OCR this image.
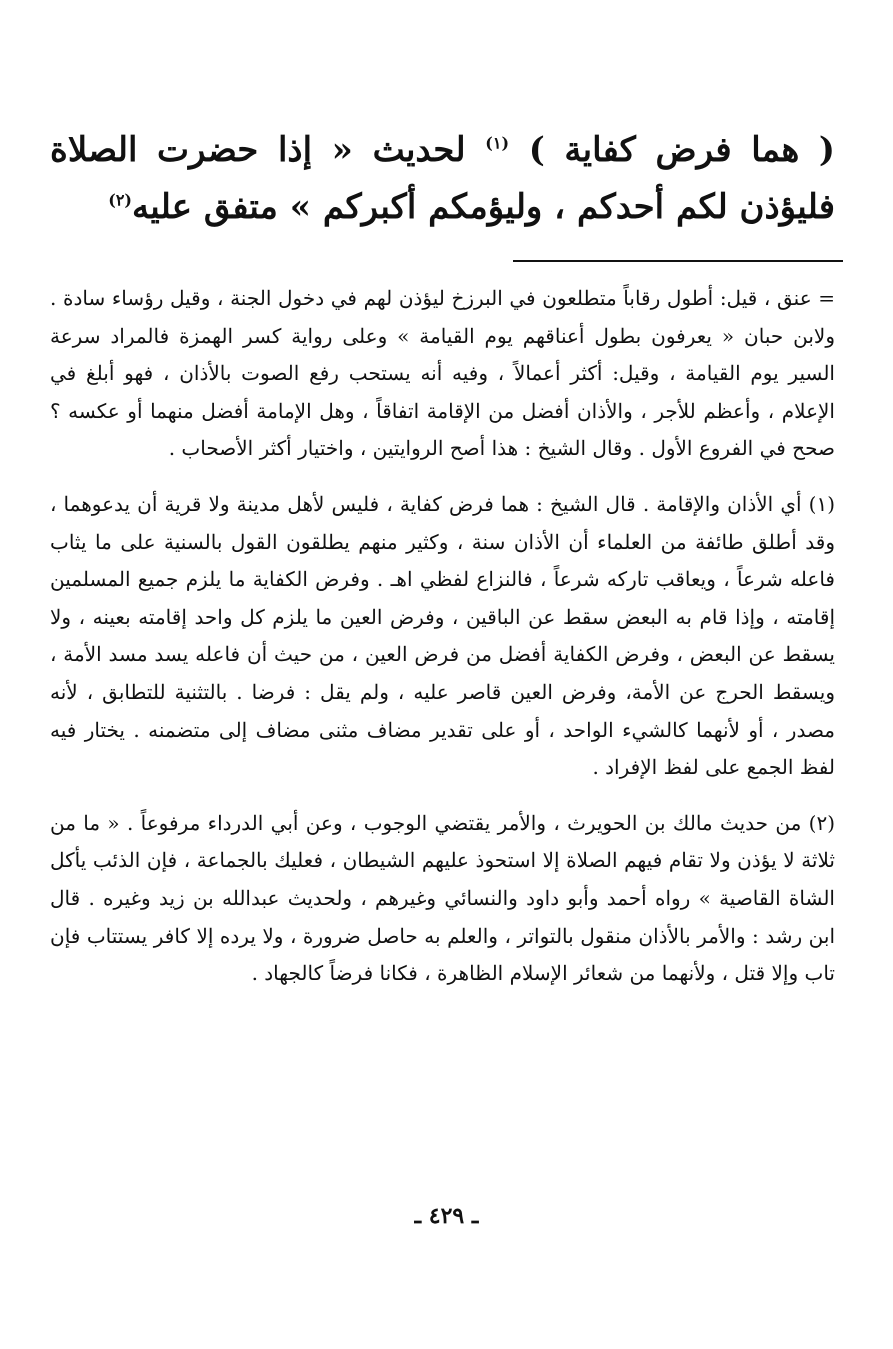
( هما فرض كفاية ) $^{(١)}$ لحديث « إذا حضرت الصلاة فليؤذن لكم أحدكم ، وليؤمكم أكبركم » متفق عليه$^{(٢)}$

= عنق ، قيل: أطول رقاباً متطلعون في البرزخ ليؤذن لهم في دخول الجنة ، وقيل رؤساء سادة . ولابن حبان « يعرفون بطول أعناقهم يوم القيامة » وعلى رواية كسر الهمزة فالمراد سرعة السير يوم القيامة ، وقيل: أكثر أعمالاً ، وفيه أنه يستحب رفع الصوت بالأذان ، فهو أبلغ في الإعلام ، وأعظم للأجر ، والأذان أفضل من الإقامة اتفاقاً ، وهل الإمامة أفضل منهما أو عكسه ؟ صحح في الفروع الأول . وقال الشيخ : هذا أصح الروايتين ، واختيار أكثر الأصحاب .

(١) أي الأذان والإقامة . قال الشيخ : هما فرض كفاية ، فليس لأهل مدينة ولا قرية أن يدعوهما ، وقد أطلق طائفة من العلماء أن الأذان سنة ، وكثير منهم يطلقون القول بالسنية على ما يثاب فاعله شرعاً ، ويعاقب تاركه شرعاً ، فالنزاع لفظي اهـ . وفرض الكفاية ما يلزم جميع المسلمين إقامته ، وإذا قام به البعض سقط عن الباقين ، وفرض العين ما يلزم كل واحد إقامته بعينه ، ولا يسقط عن البعض ، وفرض الكفاية أفضل من فرض العين ، من حيث أن فاعله يسد مسد الأمة ، ويسقط الحرج عن الأمة، وفرض العين قاصر عليه ، ولم يقل : فرضا . بالتثنية للتطابق ، لأنه مصدر ، أو لأنهما كالشيء الواحد ، أو على تقدير مضاف مثنى مضاف إلى متضمنه . يختار فيه لفظ الجمع على لفظ الإفراد .

(٢) من حديث مالك بن الحويرث ، والأمر يقتضي الوجوب ، وعن أبي الدرداء مرفوعاً . « ما من ثلاثة لا يؤذن ولا تقام فيهم الصلاة إلا استحوذ عليهم الشيطان ، فعليك بالجماعة ، فإن الذئب يأكل الشاة القاصية » رواه أحمد وأبو داود والنسائي وغيرهم ، ولحديث عبدالله بن زيد وغيره . قال ابن رشد : والأمر بالأذان منقول بالتواتر ، والعلم به حاصل ضرورة ، ولا يرده إلا كافر يستتاب فإن تاب وإلا قتل ، ولأنهما من شعائر الإسلام الظاهرة ، فكانا فرضاً كالجهاد .

ـ ٤٢٩ ـ
